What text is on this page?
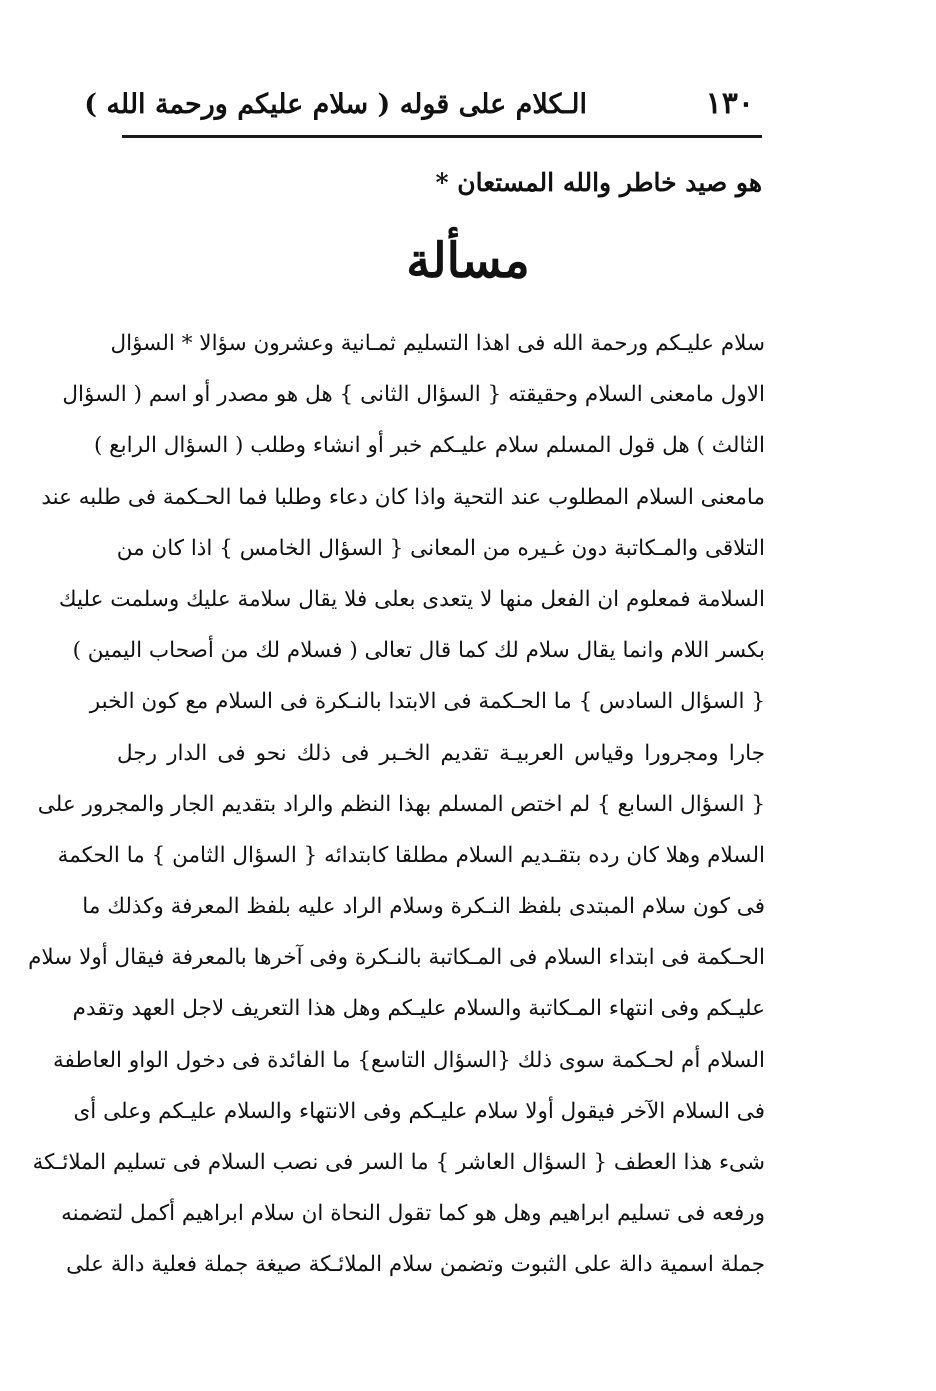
١٣٠
الـكلام على قوله ( سلام عليكم ورحمة الله )
هو صيد خاطر والله المستعان *
مسألة
سلام عليـكم ورحمة الله فى اهذا التسليم ثمـانية وعشرون سؤالا * السؤال
الاول مامعنى السلام وحقيقته { السؤال الثانى } هل هو مصدر أو اسم ( السؤال
الثالث ) هل قول المسلم سلام عليـكم خبر أو انشاء وطلب ( السؤال الرابع )
مامعنى السلام المطلوب عند التحية واذا كان دعاء وطلبا فما الحـكمة فى طلبه عند
التلاقى والمـكاتبة دون غـيره من المعانى { السؤال الخامس } اذا كان من
السلامة فمعلوم ان الفعل منها لا يتعدى بعلى فلا يقال سلامة عليك وسلمت عليك
بكسر اللام وانما يقال سلام لك كما قال تعالى ( فسلام لك من أصحاب اليمين )
{ السؤال السادس } ما الحـكمة فى الابتدا بالنـكرة فى السلام مع كون الخبر
جارا ومجرورا وقياس العربيـة تقديم الخـبر فى ذلك نحو فى الدار رجل
{ السؤال السابع } لم اختص المسلم بهذا النظم والراد بتقديم الجار والمجرور على
السلام وهلا كان رده بتقـديم السلام مطلقا كابتدائه { السؤال الثامن } ما الحكمة
فى كون سلام المبتدى بلفظ النـكرة وسلام الراد عليه بلفظ المعرفة وكذلك ما
الحـكمة فى ابتداء السلام فى المـكاتبة بالنـكرة وفى آخرها بالمعرفة فيقال أولا سلام
عليـكم وفى انتهاء المـكاتبة والسلام عليـكم وهل هذا التعريف لاجل العهد وتقدم
السلام أم لحـكمة سوى ذلك {السؤال التاسع} ما الفائدة فى دخول الواو العاطفة
فى السلام الآخر فيقول أولا سلام عليـكم وفى الانتهاء والسلام عليـكم وعلى أى
شىء هذا العطف { السؤال العاشر } ما السر فى نصب السلام فى تسليم الملائـكة
ورفعه فى تسليم ابراهيم وهل هو كما تقول النحاة ان سلام ابراهيم أكمل لتضمنه
جملة اسمية دالة على الثبوت وتضمن سلام الملائـكة صيغة جملة فعلية دالة على
